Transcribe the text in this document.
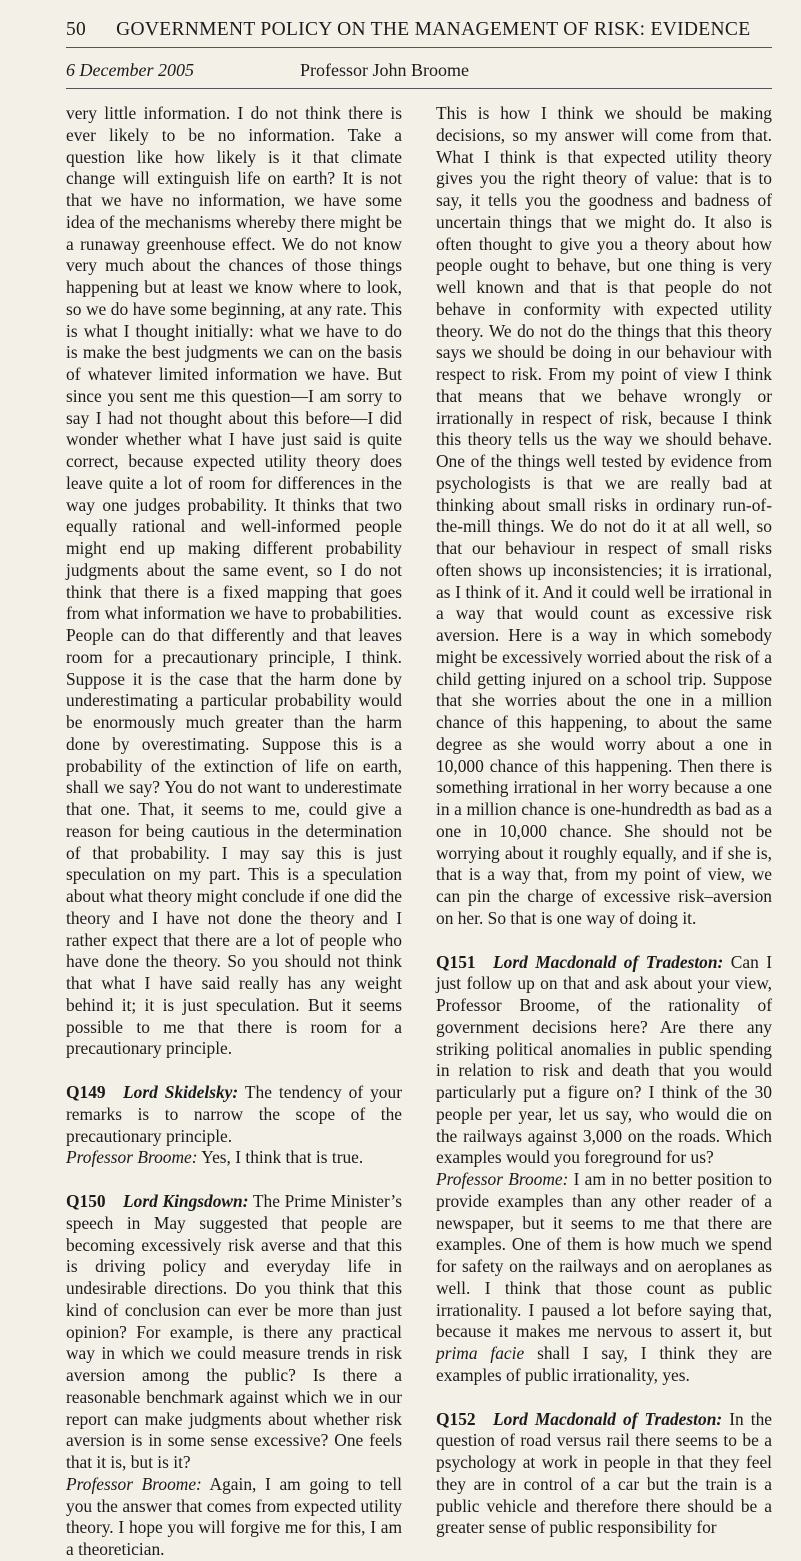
50 GOVERNMENT POLICY ON THE MANAGEMENT OF RISK: EVIDENCE
6 December 2005	Professor John Broome

very little information. I do not think there is ever likely to be no information. Take a question like how likely is it that climate change will extinguish life on earth? It is not that we have no information, we have some idea of the mechanisms whereby there might be a runaway greenhouse effect. We do not know very much about the chances of those things happening but at least we know where to look, so we do have some beginning, at any rate. This is what I thought initially: what we have to do is make the best judgments we can on the basis of whatever limited information we have. But since you sent me this question—I am sorry to say I had not thought about this before—I did wonder whether what I have just said is quite correct, because expected utility theory does leave quite a lot of room for differences in the way one judges probability. It thinks that two equally rational and well-informed people might end up making different probability judgments about the same event, so I do not think that there is a fixed mapping that goes from what information we have to probabilities. People can do that differently and that leaves room for a precautionary principle, I think. Suppose it is the case that the harm done by underestimating a particular probability would be enormously much greater than the harm done by overestimating. Suppose this is a probability of the extinction of life on earth, shall we say? You do not want to underestimate that one. That, it seems to me, could give a reason for being cautious in the determination of that probability. I may say this is just speculation on my part. This is a speculation about what theory might conclude if one did the theory and I have not done the theory and I rather expect that there are a lot of people who have done the theory. So you should not think that what I have said really has any weight behind it; it is just speculation. But it seems possible to me that there is room for a precautionary principle.

Q149  Lord Skidelsky: The tendency of your remarks is to narrow the scope of the precautionary principle.

Professor Broome: Yes, I think that is true.

Q150  Lord Kingsdown: The Prime Minister’s speech in May suggested that people are becoming excessively risk averse and that this is driving policy and everyday life in undesirable directions. Do you think that this kind of conclusion can ever be more than just opinion? For example, is there any practical way in which we could measure trends in risk aversion among the public? Is there a reasonable benchmark against which we in our report can make judgments about whether risk aversion is in some sense excessive? One feels that it is, but is it?

Professor Broome: Again, I am going to tell you the answer that comes from expected utility theory. I hope you will forgive me for this, I am a theoretician.

This is how I think we should be making decisions, so my answer will come from that. What I think is that expected utility theory gives you the right theory of value: that is to say, it tells you the goodness and badness of uncertain things that we might do. It also is often thought to give you a theory about how people ought to behave, but one thing is very well known and that is that people do not behave in conformity with expected utility theory. We do not do the things that this theory says we should be doing in our behaviour with respect to risk. From my point of view I think that means that we behave wrongly or irrationally in respect of risk, because I think this theory tells us the way we should behave. One of the things well tested by evidence from psychologists is that we are really bad at thinking about small risks in ordinary run-of-the-mill things. We do not do it at all well, so that our behaviour in respect of small risks often shows up inconsistencies; it is irrational, as I think of it. And it could well be irrational in a way that would count as excessive risk aversion. Here is a way in which somebody might be excessively worried about the risk of a child getting injured on a school trip. Suppose that she worries about the one in a million chance of this happening, to about the same degree as she would worry about a one in 10,000 chance of this happening. Then there is something irrational in her worry because a one in a million chance is one-hundredth as bad as a one in 10,000 chance. She should not be worrying about it roughly equally, and if she is, that is a way that, from my point of view, we can pin the charge of excessive risk–aversion on her. So that is one way of doing it.

Q151  Lord Macdonald of Tradeston: Can I just follow up on that and ask about your view, Professor Broome, of the rationality of government decisions here? Are there any striking political anomalies in public spending in relation to risk and death that you would particularly put a figure on? I think of the 30 people per year, let us say, who would die on the railways against 3,000 on the roads. Which examples would you foreground for us?

Professor Broome: I am in no better position to provide examples than any other reader of a newspaper, but it seems to me that there are examples. One of them is how much we spend for safety on the railways and on aeroplanes as well. I think that those count as public irrationality. I paused a lot before saying that, because it makes me nervous to assert it, but prima facie shall I say, I think they are examples of public irrationality, yes.

Q152  Lord Macdonald of Tradeston: In the question of road versus rail there seems to be a psychology at work in people in that they feel they are in control of a car but the train is a public vehicle and therefore there should be a greater sense of public responsibility for
